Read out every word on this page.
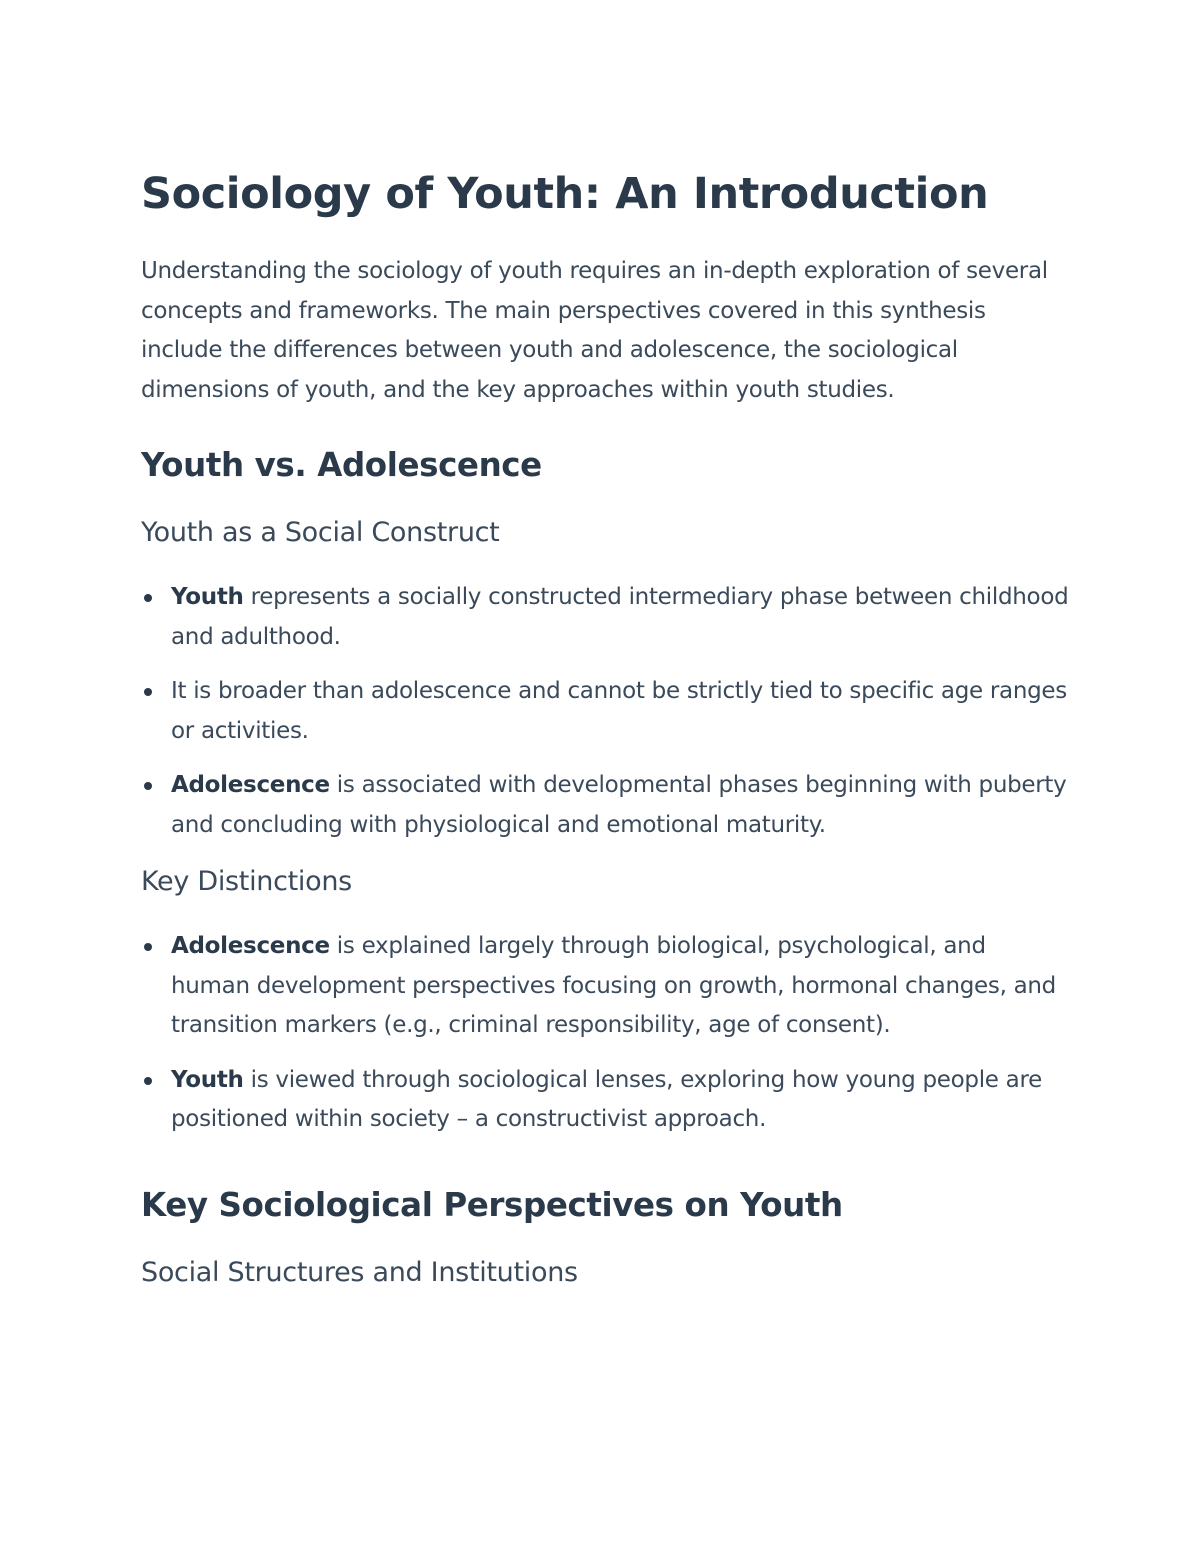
Sociology of Youth: An Introduction

Understanding the sociology of youth requires an in-depth exploration of several concepts and frameworks. The main perspectives covered in this synthesis include the differences between youth and adolescence, the sociological dimensions of youth, and the key approaches within youth studies.

Youth vs. Adolescence
Youth as a Social Construct
Youth represents a socially constructed intermediary phase between childhood and adulthood.
It is broader than adolescence and cannot be strictly tied to specific age ranges or activities.
Adolescence is associated with developmental phases beginning with puberty and concluding with physiological and emotional maturity.
Key Distinctions
Adolescence is explained largely through biological, psychological, and human development perspectives focusing on growth, hormonal changes, and transition markers (e.g., criminal responsibility, age of consent).
Youth is viewed through sociological lenses, exploring how young people are positioned within society – a constructivist approach.
Key Sociological Perspectives on Youth
Social Structures and Institutions
